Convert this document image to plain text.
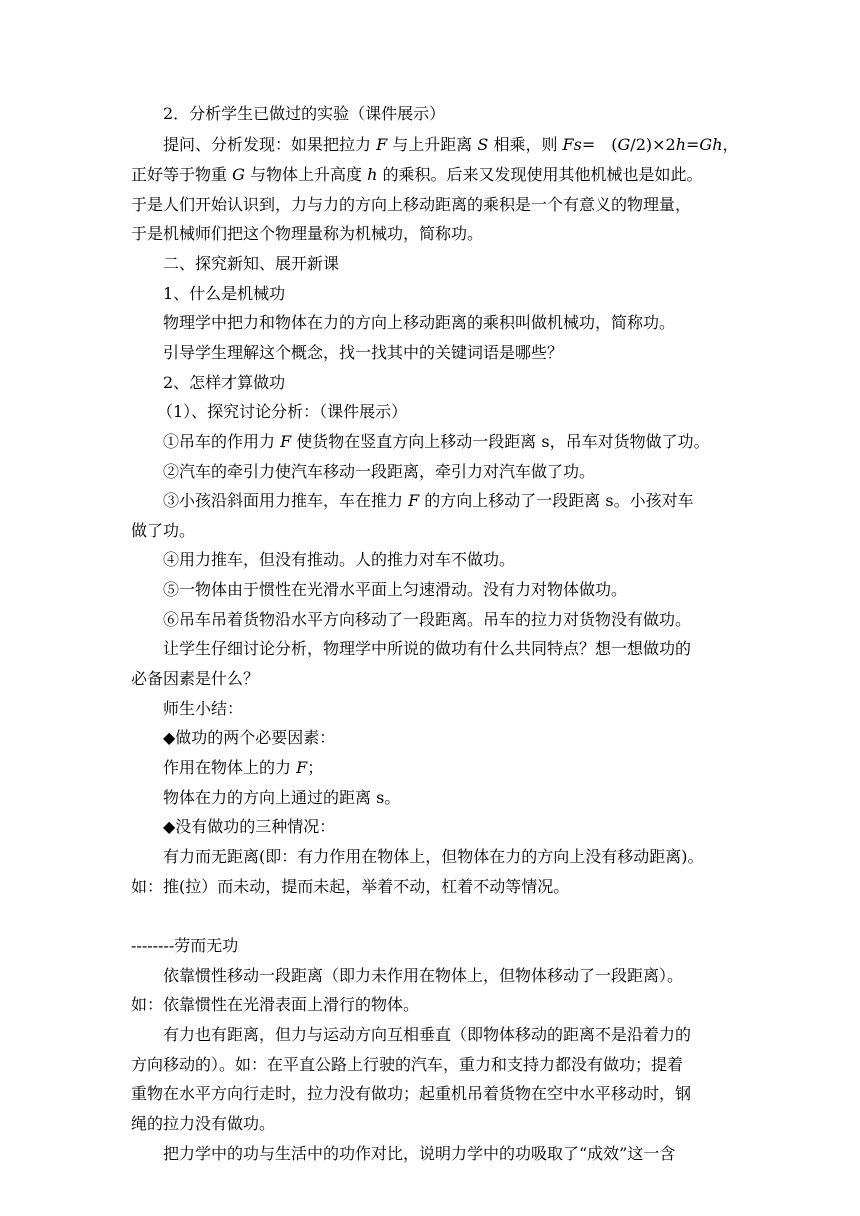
2．分析学生已做过的实验（课件展示）
提问、分析发现：如果把拉力 F 与上升距离 S 相乘，则 Fs=　(G/2)×2h=Gh，
正好等于物重 G 与物体上升高度 h 的乘积。后来又发现使用其他机械也是如此。
于是人们开始认识到，力与力的方向上移动距离的乘积是一个有意义的物理量，
于是机械师们把这个物理量称为机械功，简称功。
二、探究新知、展开新课
1、什么是机械功
物理学中把力和物体在力的方向上移动距离的乘积叫做机械功，简称功。
引导学生理解这个概念，找一找其中的关键词语是哪些？
2、怎样才算做功
（1）、探究讨论分析：（课件展示）
①吊车的作用力 F 使货物在竖直方向上移动一段距离 s，吊车对货物做了功。
②汽车的牵引力使汽车移动一段距离，牵引力对汽车做了功。
③小孩沿斜面用力推车，车在推力 F 的方向上移动了一段距离 s。小孩对车
做了功。
④用力推车，但没有推动。人的推力对车不做功。
⑤一物体由于惯性在光滑水平面上匀速滑动。没有力对物体做功。
⑥吊车吊着货物沿水平方向移动了一段距离。吊车的拉力对货物没有做功。
让学生仔细讨论分析，物理学中所说的做功有什么共同特点？想一想做功的
必备因素是什么？
师生小结：
◆做功的两个必要因素：
作用在物体上的力 F；
物体在力的方向上通过的距离 s。
◆没有做功的三种情况：
有力而无距离(即：有力作用在物体上，但物体在力的方向上没有移动距离)。
如：推(拉）而未动，提而未起，举着不动，杠着不动等情况。
--------劳而无功
依靠惯性移动一段距离（即力未作用在物体上，但物体移动了一段距离）。
如：依靠惯性在光滑表面上滑行的物体。
有力也有距离，但力与运动方向互相垂直（即物体移动的距离不是沿着力的
方向移动的）。如：在平直公路上行驶的汽车，重力和支持力都没有做功；提着
重物在水平方向行走时，拉力没有做功；起重机吊着货物在空中水平移动时，钢
绳的拉力没有做功。
把力学中的功与生活中的功作对比，说明力学中的功吸取了“成效”这一含
